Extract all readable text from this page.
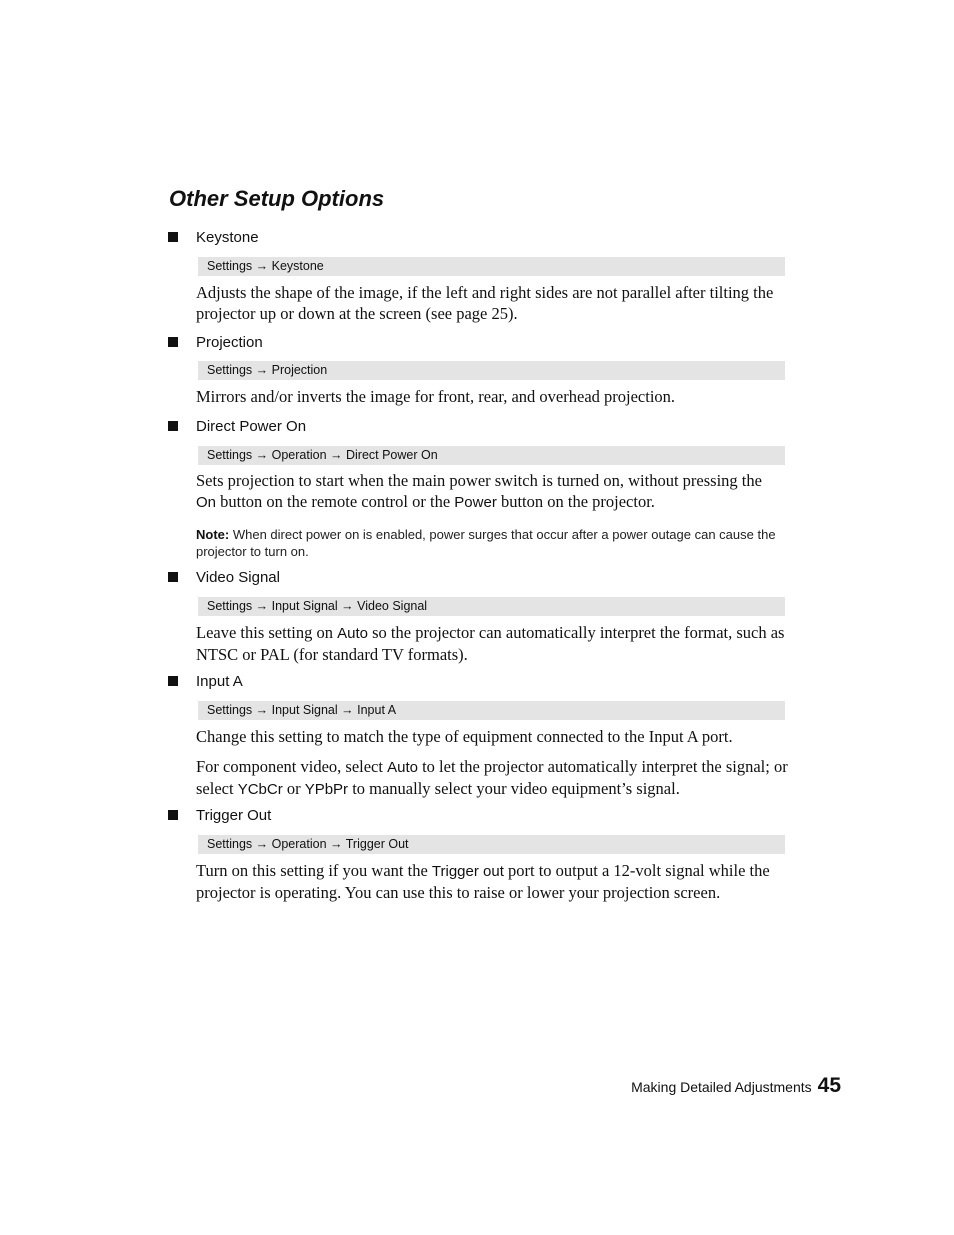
Other Setup Options
Keystone
Settings → Keystone

Adjusts the shape of the image, if the left and right sides are not parallel after tilting the projector up or down at the screen (see page 25).

Projection
Settings → Projection

Mirrors and/or inverts the image for front, rear, and overhead projection.

Direct Power On
Settings → Operation → Direct Power On

Sets projection to start when the main power switch is turned on, without pressing the On button on the remote control or the Power button on the projector.

Note: When direct power on is enabled, power surges that occur after a power outage can cause the projector to turn on.

Video Signal
Settings → Input Signal → Video Signal

Leave this setting on Auto so the projector can automatically interpret the format, such as NTSC or PAL (for standard TV formats).

Input A
Settings → Input Signal → Input A

Change this setting to match the type of equipment connected to the Input A port.

For component video, select Auto to let the projector automatically interpret the signal; or select YCbCr or YPbPr to manually select your video equipment’s signal.

Trigger Out
Settings → Operation → Trigger Out

Turn on this setting if you want the Trigger out port to output a 12-volt signal while the projector is operating. You can use this to raise or lower your projection screen.

Making Detailed Adjustments 45
